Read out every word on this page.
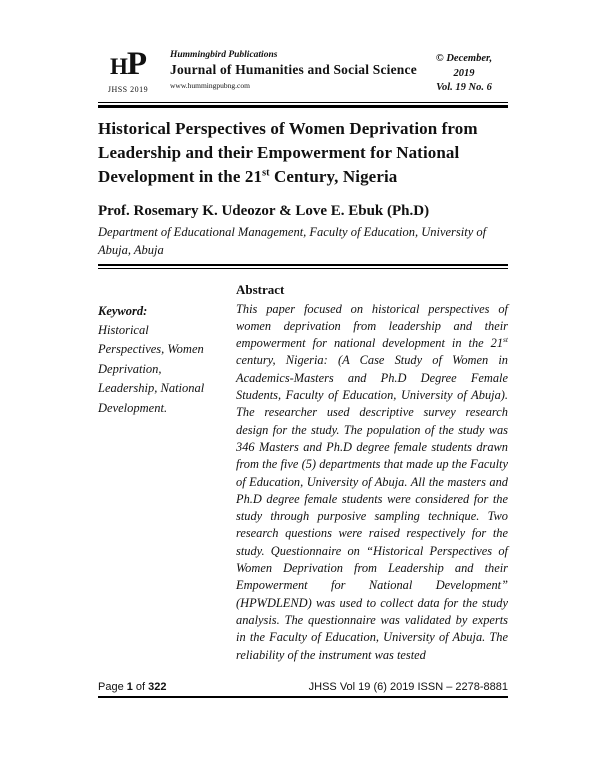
HP
JHSS 2019
Hummingbird Publications
Journal of Humanities and Social Science
www.hummingpubng.com
© December,
2019
Vol. 19 No. 6
Historical Perspectives of Women Deprivation from Leadership and their Empowerment for National Development in the 21st Century, Nigeria
Prof. Rosemary K. Udeozor & Love E. Ebuk (Ph.D)
Department of Educational Management, Faculty of Education, University of Abuja, Abuja
Keyword:
Historical Perspectives, Women Deprivation, Leadership, National Development.
Abstract

This paper focused on historical perspectives of women deprivation from leadership and their empowerment for national development in the 21st century, Nigeria: (A Case Study of Women in Academics-Masters and Ph.D Degree Female Students, Faculty of Education, University of Abuja). The researcher used descriptive survey research design for the study. The population of the study was 346 Masters and Ph.D degree female students drawn from the five (5) departments that made up the Faculty of Education, University of Abuja. All the masters and Ph.D degree female students were considered for the study through purposive sampling technique. Two research questions were raised respectively for the study. Questionnaire on “Historical Perspectives of Women Deprivation from Leadership and their Empowerment for National Development” (HPWDLEND) was used to collect data for the study analysis. The questionnaire was validated by experts in the Faculty of Education, University of Abuja. The reliability of the instrument was tested

Page 1 of 322	JHSS Vol 19 (6) 2019 ISSN – 2278-8881
